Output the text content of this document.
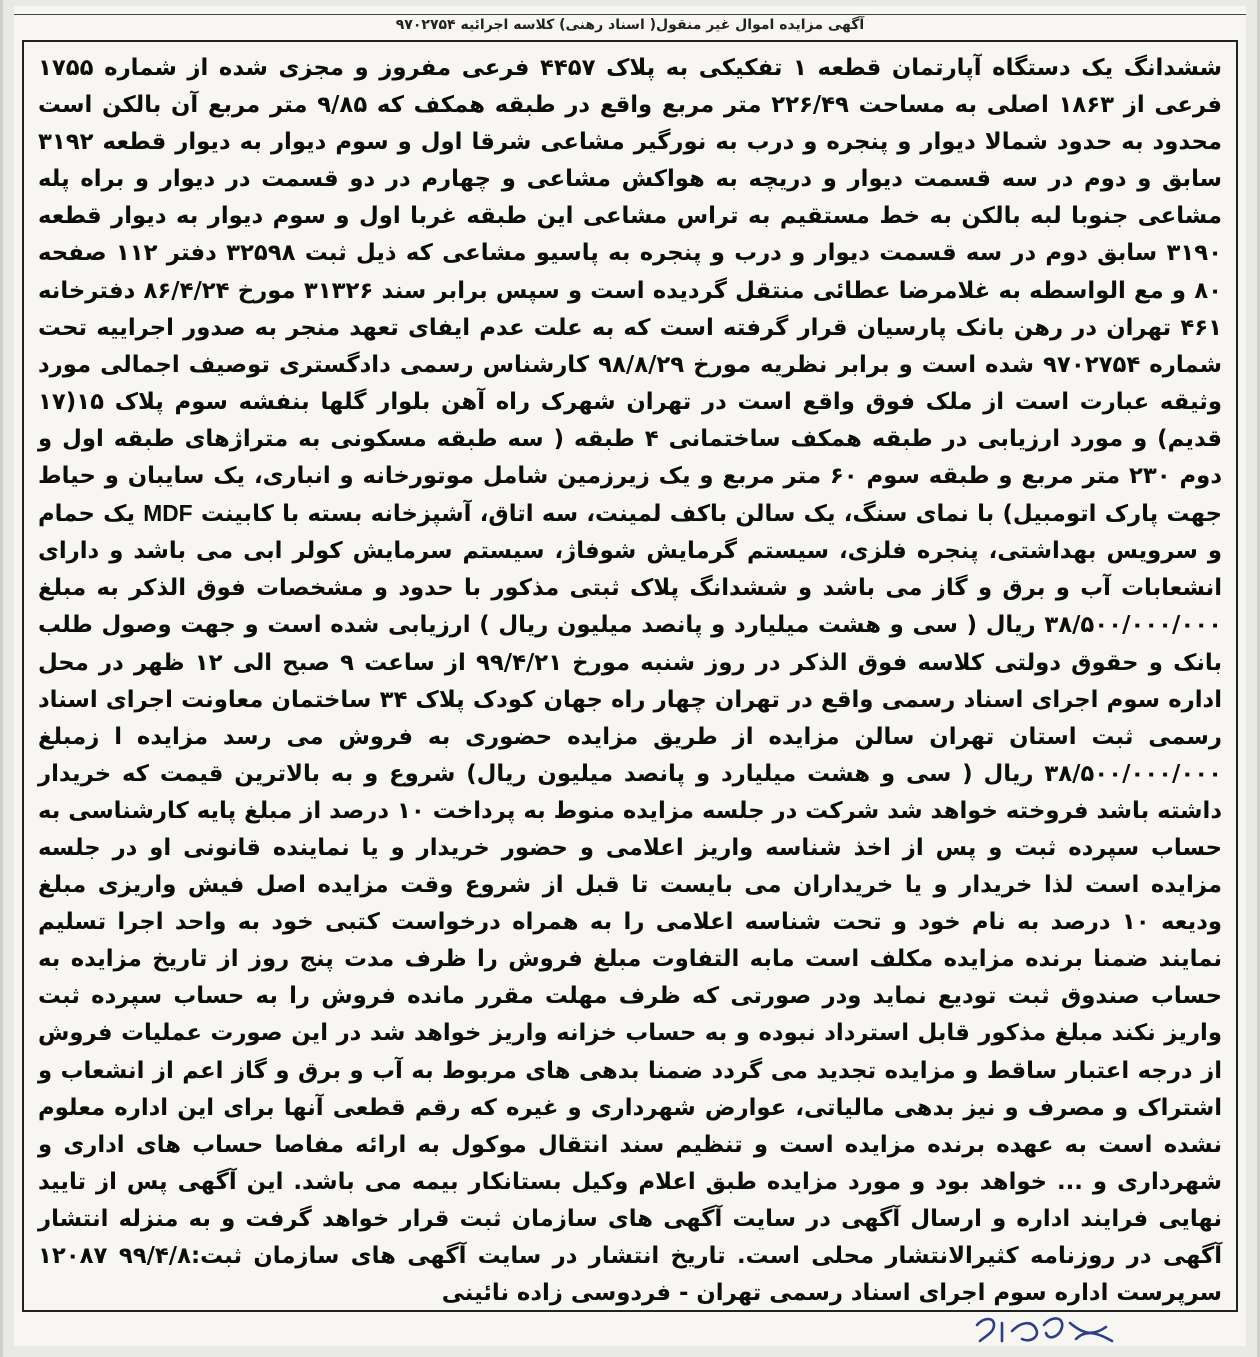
آگهی مزایده اموال غیر منقول( اسناد رهنی) کلاسه اجرائیه ۹۷۰۲۷۵۴

ششدانگ یک دستگاه آپارتمان قطعه ۱ تفکیکی به پلاک ۴۴۵۷ فرعی مفروز و مجزی شده از شماره ۱۷۵۵ فرعی از ۱۸۶۳ اصلی به مساحت ۲۲۶/۴۹ متر مربع واقع در طبقه همکف که ۹/۸۵ متر مربع آن بالکن است محدود به حدود شمالا دیوار و پنجره و درب به نورگیر مشاعی شرقا اول و سوم دیوار به دیوار قطعه ۳۱۹۲ سابق و دوم در سه قسمت دیوار و دریچه به هواکش مشاعی و چهارم در دو قسمت در دیوار و براه پله مشاعی جنوبا لبه بالکن به خط مستقیم به تراس مشاعی این طبقه غربا اول و سوم دیوار به دیوار قطعه ۳۱۹۰ سابق دوم در سه قسمت دیوار و درب و پنجره به پاسیو مشاعی که ذیل ثبت ۳۲۵۹۸ دفتر ۱۱۲ صفحه ۸۰ و مع الواسطه به غلامرضا عطائی منتقل گردیده است و سپس برابر سند ۳۱۳۲۶ مورخ ۸۶/۴/۲۴ دفترخانه ۴۶۱ تهران در رهن بانک پارسیان قرار گرفته است که به علت عدم ایفای تعهد منجر به صدور اجراییه تحت شماره ۹۷۰۲۷۵۴ شده است و برابر نظریه مورخ ۹۸/۸/۲۹ کارشناس رسمی دادگستری توصیف اجمالی مورد وثیقه عبارت است از ملک فوق واقع است در تهران شهرک راه آهن بلوار گلها بنفشه سوم پلاک ۱۵(۱۷ قدیم) و مورد ارزیابی در طبقه همکف ساختمانی ۴ طبقه ( سه طبقه مسکونی به متراژهای طبقه اول و دوم ۲۳۰ متر مربع و طبقه سوم ۶۰ متر مربع و یک زیرزمین شامل موتورخانه و انباری، یک سایبان و حیاط جهت پارک اتومبیل) با نمای سنگ، یک سالن باکف لمینت، سه اتاق، آشپزخانه بسته با کابینت MDF یک حمام و سرویس بهداشتی، پنجره فلزی، سیستم گرمایش شوفاژ، سیستم سرمایش کولر ابی می باشد و دارای انشعابات آب و برق و گاز می باشد و ششدانگ پلاک ثبتی مذکور با حدود و مشخصات فوق الذکر به مبلغ ۳۸/۵۰۰/۰۰۰/۰۰۰ ریال ( سی و هشت میلیارد و پانصد میلیون ریال ) ارزیابی شده است و جهت وصول طلب بانک و حقوق دولتی کلاسه فوق الذکر در روز شنبه مورخ ۹۹/۴/۲۱ از ساعت ۹ صبح الی ۱۲ ظهر در محل اداره سوم اجرای اسناد رسمی واقع در تهران چهار راه جهان کودک پلاک ۳۴ ساختمان معاونت اجرای اسناد رسمی ثبت استان تهران سالن مزایده از طریق مزایده حضوری به فروش می رسد مزایده ا زمبلغ ۳۸/۵۰۰/۰۰۰/۰۰۰ ریال ( سی و هشت میلیارد و پانصد میلیون ریال) شروع و به بالاترین قیمت که خریدار داشته باشد فروخته خواهد شد شرکت در جلسه مزایده منوط به پرداخت ۱۰ درصد از مبلغ پایه کارشناسی به حساب سپرده ثبت و پس از اخذ شناسه واریز اعلامی و حضور خریدار و یا نماینده قانونی او در جلسه مزایده است لذا خریدار و یا خریداران می بایست تا قبل از شروع وقت مزایده اصل فیش واریزی مبلغ ودیعه ۱۰ درصد به نام خود و تحت شناسه اعلامی را به همراه درخواست کتبی خود به واحد اجرا تسلیم نمایند ضمنا برنده مزایده مکلف است مابه التفاوت مبلغ فروش را ظرف مدت پنج روز از تاریخ مزایده به حساب صندوق ثبت تودیع نماید ودر صورتی که ظرف مهلت مقرر مانده فروش را به حساب سپرده ثبت واریز نکند مبلغ مذکور قابل استرداد نبوده و به حساب خزانه واریز خواهد شد در این صورت عملیات فروش از درجه اعتبار ساقط و مزایده تجدید می گردد ضمنا بدهی های مربوط به آب و برق و گاز اعم از انشعاب و اشتراک و مصرف و نیز بدهی مالیاتی، عوارض شهرداری و غیره که رقم قطعی آنها برای این اداره معلوم نشده است به عهده برنده مزایده است و تنظیم سند انتقال موکول به ارائه مفاصا حساب های اداری و شهرداری و ... خواهد بود و مورد مزایده طبق اعلام وکیل بستانکار بیمه می باشد. این آگهی پس از تایید نهایی فرایند اداره و ارسال آگهی در سایت آگهی های سازمان ثبت قرار خواهد گرفت و به منزله انتشار آگهی در روزنامه کثیرالانتشار محلی است. تاریخ انتشار در سایت آگهی های سازمان ثبت:۹۹/۴/۸ ۱۲۰۸۷ سرپرست اداره سوم اجرای اسناد رسمی تهران - فردوسی زاده نائینی
